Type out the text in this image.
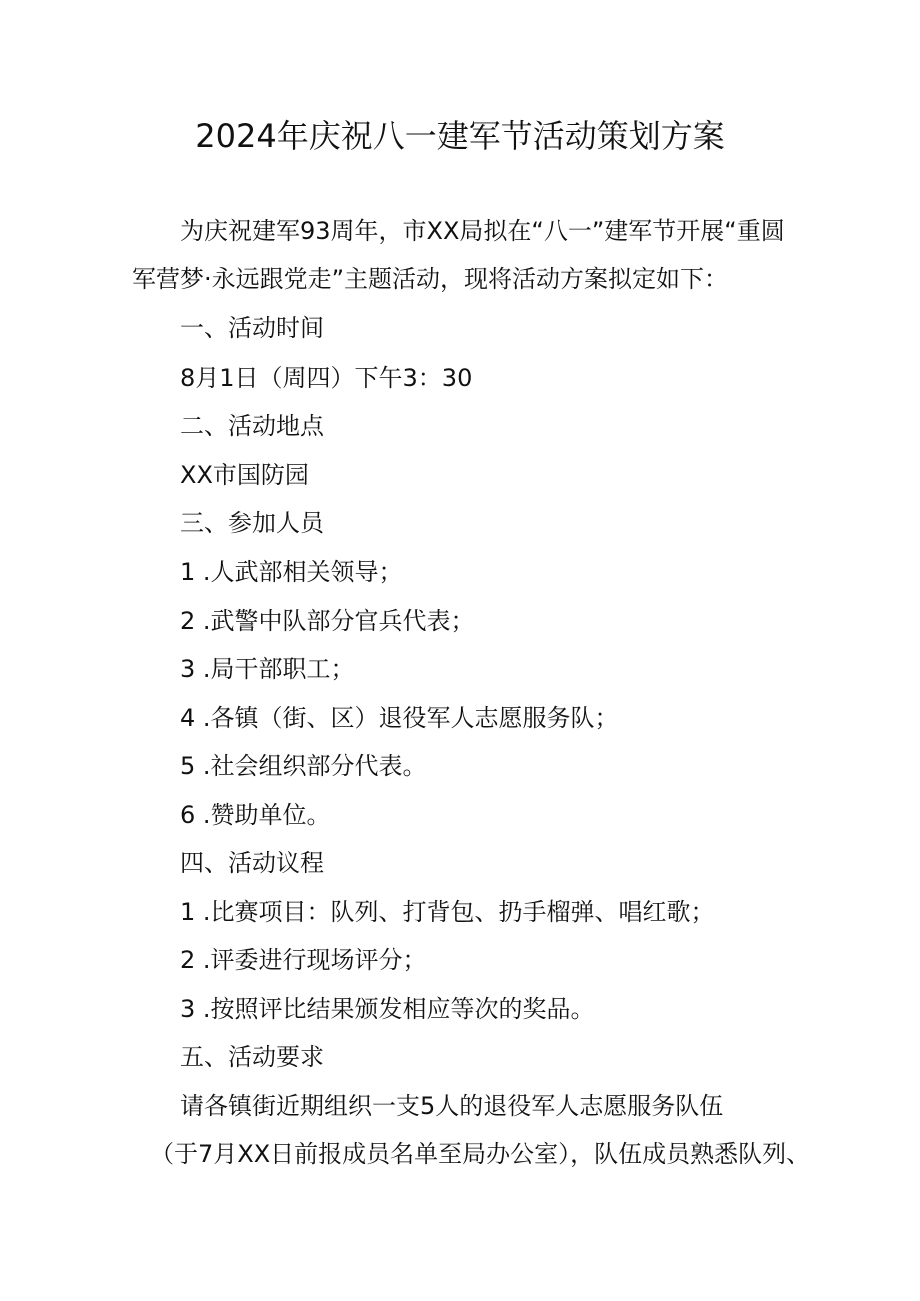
2024年庆祝八一建军节活动策划方案
为庆祝建军93周年，市XX局拟在“八一”建军节开展“重圆
军营梦·永远跟党走”主题活动，现将活动方案拟定如下：
一、活动时间
8月1日（周四）下午3：30
二、活动地点
XX市国防园
三、参加人员
1 .人武部相关领导；
2 .武警中队部分官兵代表；
3 .局干部职工；
4 .各镇（街、区）退役军人志愿服务队；
5 .社会组织部分代表。
6 .赞助单位。
四、活动议程
1 .比赛项目：队列、打背包、扔手榴弹、唱红歌；
2 .评委进行现场评分；
3 .按照评比结果颁发相应等次的奖品。
五、活动要求
请各镇街近期组织一支5人的退役军人志愿服务队伍
（于7月XX日前报成员名单至局办公室），队伍成员熟悉队列、
